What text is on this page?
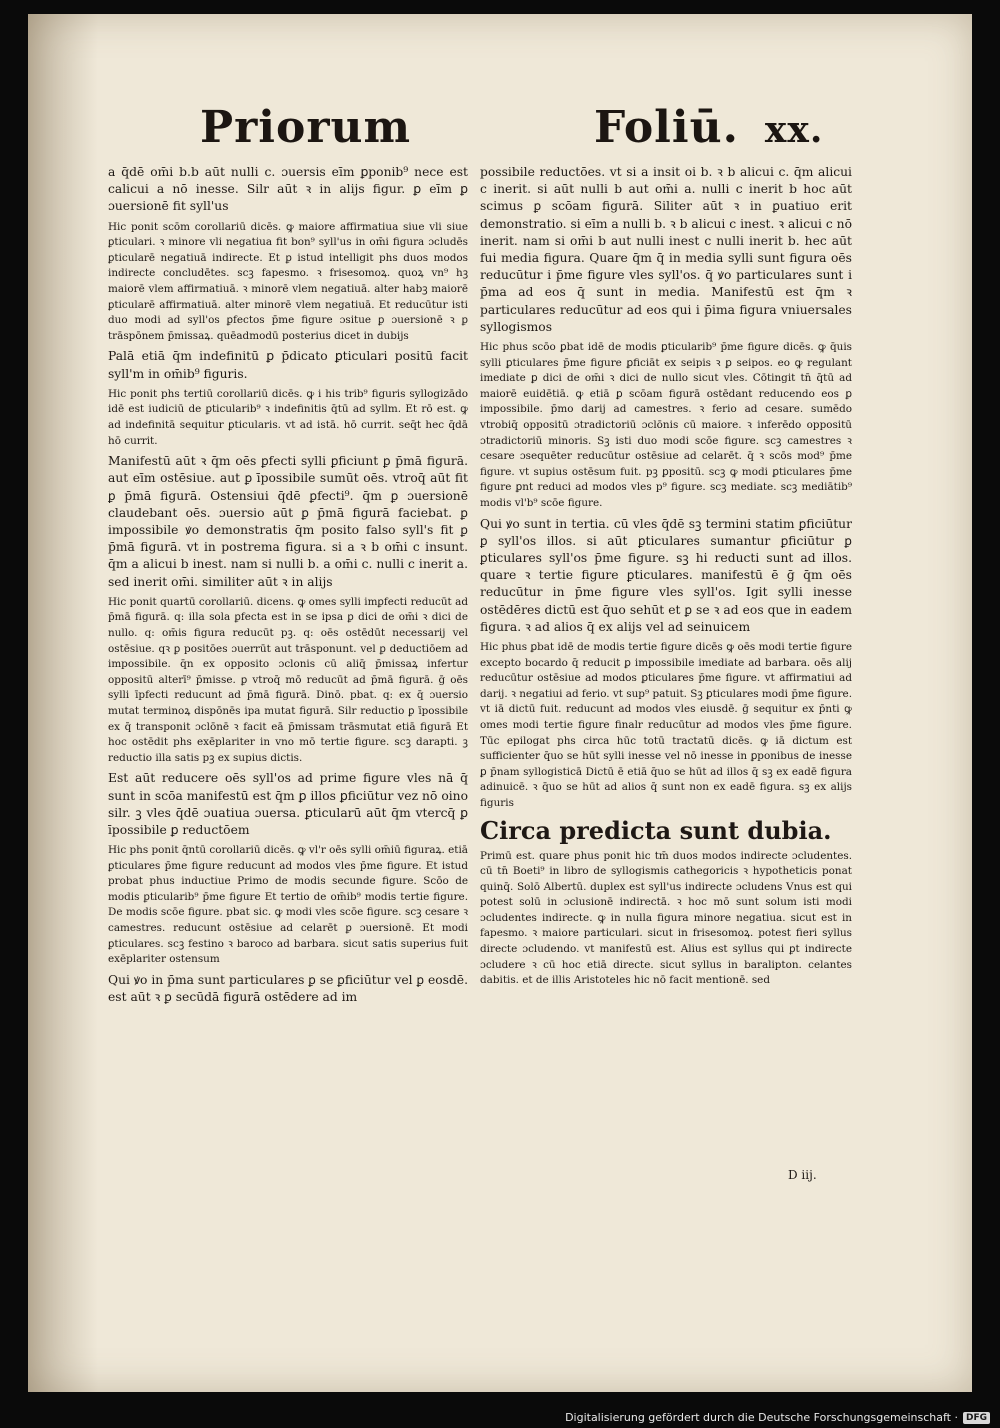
Priorum	Foliū. xx.

a q̄dē om̄i b.b aūt nulli c. ɔuersis eīm ꝑponib⁹ nece est calicui a nō inesse. Silr aūt ꝛ in alijs figur. ꝑ eīm ꝑ ɔuersionē fit syll'us

Hic ponit scōm corollariū dicēs. ꝙ maiore affirmatiua siue vli siue ꝑticulari. ꝛ minore vli negatiua fit bon⁹ syll'us in om̄i figura ɔcludēs ꝑticularē negatiuā indirecte. Et ꝑ istud intelligit phs duos modos indirecte concludētes. scꝫ fapesmo. ꝛ frisesomoꝝ. quoꝝ vn⁹ hꝫ maiorē vlem affirmatiuā. ꝛ minorē vlem negatiuā. alter habꝫ maiorē ꝑticularē affirmatiuā. alter minorē vlem negatiuā. Et reducūtur isti duo modi ad syll'os ꝑfectos p̄me figure ɔsitue ꝑ ɔuersionē ꝛ ꝑ trāspōnem p̄missaꝝ. quēadmodū posterius dicet in dubijs

Palā etiā q̄m indefinitū ꝑ p̄dicato ꝑticulari positū facit syll'm in om̄ib⁹ figuris.

Hic ponit phs tertiū corollariū dicēs. ꝙ i his trib⁹ figuris syllogizādo idē est iudiciū de ꝑticularib⁹ ꝛ indefinitis q̄tū ad syllm. Et rō est. ꝙ ad indefinitā sequitur ꝑticularis. vt ad istā. hō currit. seq̄t hec q̄dā hō currit.

Manifestū aūt ꝛ q̄m oēs ꝑfecti sylli ꝑficiunt ꝑ p̄mā figurā. aut eīm ostēsiue. aut ꝑ īpossibile sumūt oēs. vtroq̄ aūt fit ꝑ p̄mā figurā. Ostensiui q̄dē ꝑfecti⁹. q̄m ꝑ ɔuersionē claudebant oēs. ɔuersio aūt ꝑ p̄mā figurā faciebat. ꝑ impossibile ꝟo demonstratis q̄m posito falso syll's fit ꝑ p̄mā figurā. vt in postrema figura. si a ꝛ b om̄i c insunt. q̄m a alicui b inest. nam si nulli b. a om̄i c. nulli c inerit a. sed inerit om̄i. similiter aūt ꝛ in alijs

Hic ponit quartū corollariū. dicens. ꝙ omes sylli imꝑfecti reducūt ad p̄mā figurā. q: illa sola ꝑfecta est in se ipsa ꝑ dici de om̄i ꝛ dici de nullo. q: om̄is figura reducūt pꝫ. q: oēs ostēdūt necessarij vel ostēsiue. qꝛ ꝑ positōes ɔuerrūt aut trāsponunt. vel ꝑ deductiōem ad impossibile. q̄n ex opposito ɔclonis cū aliq̄ p̄missaꝝ infertur oppositū alterī⁹ p̄misse. ꝑ vtroq̄ mō reducūt ad p̄mā figurā. ḡ oēs sylli īpfecti reducunt ad p̄mā figurā. Dinō. pbat. q: ex q̄ ɔuersio mutat terminoꝝ dispōnēs ipa mutat figurā. Silr reductio ꝑ īpossibile ex q̄ transponit ɔclōnē ꝛ facit eā p̄missam trāsmutat etiā figurā Et hoc ostēdit phs exēplariter in vno mō tertie figure. scꝫ darapti. ꝫ reductio illa satis pꝫ ex supius dictis.

Est aūt reducere oēs syll'os ad prime figure vles nā q̄ sunt in scōa manifestū est q̄m ꝑ illos ꝑficiūtur vez nō oino silr. ꝫ vles q̄dē ɔuatiua ɔuersa. ꝑticularū aūt q̄m vtercq̄ ꝑ īpossibile ꝑ reductōem

Hic phs ponit q̄ntū corollariū dicēs. ꝙ vl'r oēs sylli om̄iū figuraꝝ. etiā ꝑticulares p̄me figure reducunt ad modos vles p̄me figure. Et istud probat phus inductiue Primo de modis secunde figure. Scōo de modis ꝑticularib⁹ p̄me figure Et tertio de om̄ib⁹ modis tertie figure. De modis scōe figure. pbat sic. ꝙ modi vles scōe figure. scꝫ cesare ꝛ camestres. reducunt ostēsiue ad celarēt ꝑ ɔuersionē. Et modi ꝑticulares. scꝫ festino ꝛ baroco ad barbara. sicut satis superius fuit exēplariter ostensum

Qui ꝟo in p̄ma sunt particulares ꝑ se ꝑficiūtur vel ꝑ eosdē. est aūt ꝛ ꝑ secūdā figurā ostēdere ad im

possibile reductōes. vt si a insit oi b. ꝛ b alicui c. q̄m alicui c inerit. si aūt nulli b aut om̄i a. nulli c inerit b hoc aūt scimus ꝑ scōam figurā. Siliter aūt ꝛ in ꝑuatiuo erit demonstratio. si eīm a nulli b. ꝛ b alicui c inest. ꝛ alicui c nō inerit. nam si om̄i b aut nulli inest c nulli inerit b. hec aūt fui media figura. Quare q̄m q̄ in media sylli sunt figura oēs reducūtur i p̄me figure vles syll'os. q̄ ꝟo particulares sunt i p̄ma ad eos q̄ sunt in media. Manifestū est q̄m ꝛ particulares reducūtur ad eos qui i p̄ima figura vniuersales syllogismos

Hic phus scōo ꝑbat idē de modis ꝑticularib⁹ p̄me figure dicēs. ꝙ q̄uis sylli ꝑticulares p̄me figure ꝑficiāt ex seipis ꝛ ꝑ seipos. eo ꝙ regulant imediate ꝑ dici de om̄i ꝛ dici de nullo sicut vles. Cōtingit tn̄ q̄tū ad maiorē euidētiā. ꝙ etiā ꝑ scōam figurā ostēdant reducendo eos ꝑ impossibile. p̄mo darij ad camestres. ꝛ ferio ad cesare. sumēdo vtrobiq̄ oppositū ɔtradictoriū ɔclōnis cū maiore. ꝛ inferēdo oppositū ɔtradictoriū minoris. Sꝫ isti duo modi scōe figure. scꝫ camestres ꝛ cesare ɔsequēter reducūtur ostēsiue ad celarēt. q̄ ꝛ scōs mod⁹ p̄me figure. vt supius ostēsum fuit. pꝫ ꝑpositū. scꝫ ꝙ modi ꝑticulares p̄me figure ꝑnt reduci ad modos vles p⁹ figure. scꝫ mediate. scꝫ mediātib⁹ modis vl'b⁹ scōe figure.

Qui ꝟo sunt in tertia. cū vles q̄dē sꝫ termini statim ꝑficiūtur ꝑ syll'os illos. si aūt ꝑticulares sumantur ꝑficiūtur ꝑ ꝑticulares syll'os p̄me figure. sꝫ hi reducti sunt ad illos. quare ꝛ tertie figure ꝑticulares. manifestū ē ḡ q̄m oēs reducūtur in p̄me figure vles syll'os. Igit sylli inesse ostēdēres dictū est q̄uo sehūt et ꝑ se ꝛ ad eos que in eadem figura. ꝛ ad alios q̄ ex alijs vel ad seinuicem

Hic phus ꝑbat idē de modis tertie figure dicēs ꝙ oēs modi tertie figure excepto bocardo q̄ reducit ꝑ impossibile imediate ad barbara. oēs alij reducūtur ostēsiue ad modos ꝑticulares p̄me figure. vt affirmatiui ad darij. ꝛ negatiui ad ferio. vt sup⁹ patuit. Sꝫ ꝑticulares modi p̄me figure. vt iā dictū fuit. reducunt ad modos vles eiusdē. ḡ sequitur ex p̄nti ꝙ omes modi tertie figure finalr reducūtur ad modos vles p̄me figure. Tūc epilogat phs circa hūc totū tractatū dicēs. ꝙ iā dictum est sufficienter q̄uo se hūt sylli inesse vel nō inesse in ꝑponibus de inesse ꝑ p̄nam syllogisticā Dictū ē etiā q̄uo se hūt ad illos q̄ sꝫ ex eadē figura adinuicē. ꝛ q̄uo se hūt ad alios q̄ sunt non ex eadē figura. sꝫ ex alijs figuris

Circa predicta sunt dubia.

Primū est. quare phus ponit hic tm̄ duos modos indirecte ɔcludentes. cū tn̄ Boeti⁹ in libro de syllogismis cathegoricis ꝛ hypotheticis ponat quinq̄. Solō Albertū. duplex est syll'us indirecte ɔcludens Vnus est qui potest solū in ɔclusionē indirectā. ꝛ hoc mō sunt solum isti modi ɔcludentes indirecte. ꝙ in nulla figura minore negatiua. sicut est in fapesmo. ꝛ maiore particulari. sicut in frisesomoꝝ. potest fieri syllus directe ɔcludendo. vt manifestū est. Alius est syllus qui ꝑt indirecte ɔcludere ꝛ cū hoc etiā directe. sicut syllus in baralipton. celantes dabitis. et de illis Aristoteles hic nō facit mentionē. sed

D iij.
Digitalisierung gefördert durch die Deutsche Forschungsgemeinschaft · DFG
